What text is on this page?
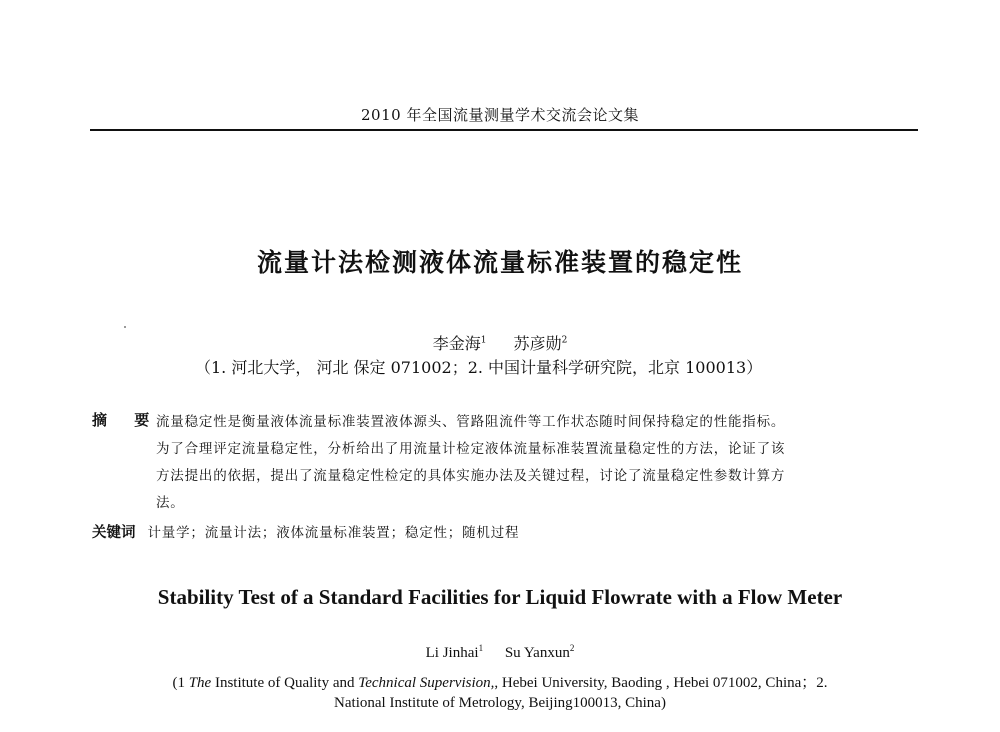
2010 年全国流量测量学术交流会论文集
流量计法检测液体流量标准装置的稳定性
李金海$^1$ 苏彦勋$^2$
（1. 河北大学， 河北 保定 071002；2. 中国计量科学研究院，北京 100013）
摘 要
流量稳定性是衡量液体流量标准装置液体源头、管路阻流件等工作状态随时间保持稳定的性能指标。
为了合理评定流量稳定性，分析给出了用流量计检定液体流量标准装置流量稳定性的方法，论证了该
方法提出的依据，提出了流量稳定性检定的具体实施办法及关键过程，讨论了流量稳定性参数计算方
法。
关键词 计量学；流量计法；液体流量标准装置；稳定性；随机过程
Stability Test of a Standard Facilities for Liquid Flowrate with a Flow Meter
Li Jinhai$^1$ Su Yanxun$^2$
(1 The Institute of Quality and Technical Supervision,, Hebei University, Baoding , Hebei 071002, China；2.
National Institute of Metrology, Beijing100013, China)
